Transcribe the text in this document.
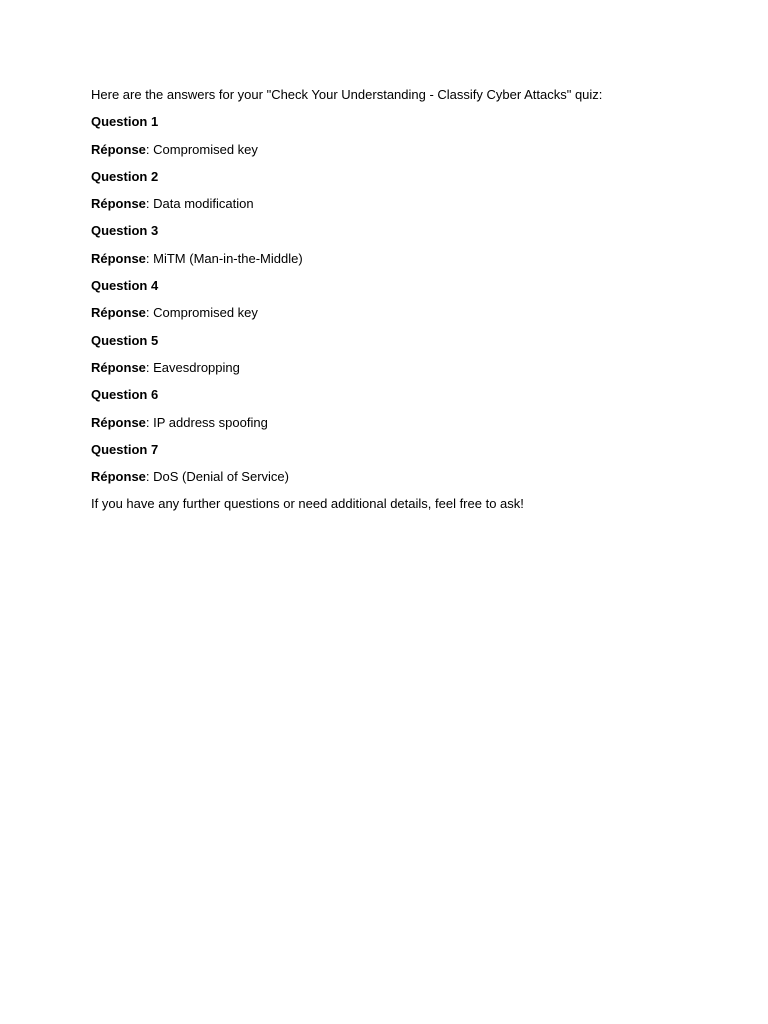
Here are the answers for your "Check Your Understanding - Classify Cyber Attacks" quiz:

Question 1

Réponse: Compromised key

Question 2

Réponse: Data modification

Question 3

Réponse: MiTM (Man-in-the-Middle)

Question 4

Réponse: Compromised key

Question 5

Réponse: Eavesdropping

Question 6

Réponse: IP address spoofing

Question 7

Réponse: DoS (Denial of Service)

If you have any further questions or need additional details, feel free to ask!
